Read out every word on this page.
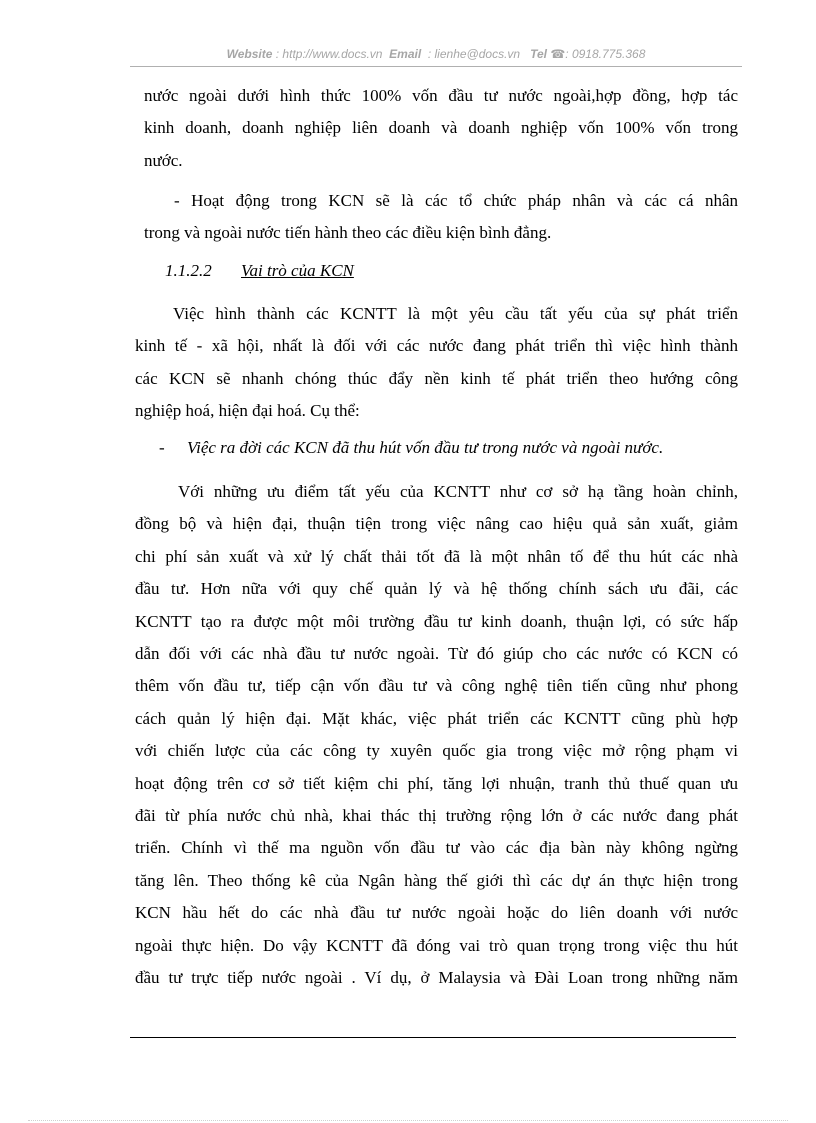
Website : http://www.docs.vn Email : lienhe@docs.vn Tel ☎: 0918.775.368
nước ngoài dưới hình thức 100% vốn đầu tư nước ngoài,hợp đồng, hợp tác
kinh doanh, doanh nghiệp liên doanh và doanh nghiệp vốn 100% vốn trong
nước.
- Hoạt động trong KCN sẽ là các tổ chức pháp nhân và các cá nhân
trong và ngoài nước tiến hành theo các điều kiện bình đẳng.
1.1.2.2 Vai trò của KCN
Việc hình thành các KCNTT là một yêu cầu tất yếu của sự phát triển
kinh tế - xã hội, nhất là đối với các nước đang phát triển thì việc hình thành
các KCN sẽ nhanh chóng thúc đẩy nền kinh tế phát triển theo hướng công
nghiệp hoá, hiện đại hoá. Cụ thể:
- Việc ra đời các KCN đã thu hút vốn đầu tư trong nước và ngoài nước.
Với những ưu điểm tất yếu của KCNTT như cơ sở hạ tầng hoàn chỉnh,
đồng bộ và hiện đại, thuận tiện trong việc nâng cao hiệu quả sản xuất, giảm
chi phí sản xuất và xử lý chất thải tốt đã là một nhân tố để thu hút các nhà
đầu tư. Hơn nữa với quy chế quản lý và hệ thống chính sách ưu đãi, các
KCNTT tạo ra được một môi trường đầu tư kinh doanh, thuận lợi, có sức hấp
dẫn đối với các nhà đầu tư nước ngoài. Từ đó giúp cho các nước có KCN có
thêm vốn đầu tư, tiếp cận vốn đầu tư và công nghệ tiên tiến cũng như phong
cách quản lý hiện đại. Mặt khác, việc phát triển các KCNTT cũng phù hợp
với chiến lược của các công ty xuyên quốc gia trong việc mở rộng phạm vi
hoạt động trên cơ sở tiết kiệm chi phí, tăng lợi nhuận, tranh thủ thuế quan ưu
đãi từ phía nước chủ nhà, khai thác thị trường rộng lớn ở các nước đang phát
triển. Chính vì thế ma nguồn vốn đầu tư vào các địa bàn này không ngừng
tăng lên. Theo thống kê của Ngân hàng thế giới thì các dự án thực hiện trong
KCN hầu hết do các nhà đầu tư nước ngoài hoặc do liên doanh với nước
ngoài thực hiện. Do vậy KCNTT đã đóng vai trò quan trọng trong việc thu hút
đầu tư trực tiếp nước ngoài . Ví dụ, ở Malaysia và Đài Loan trong những năm
